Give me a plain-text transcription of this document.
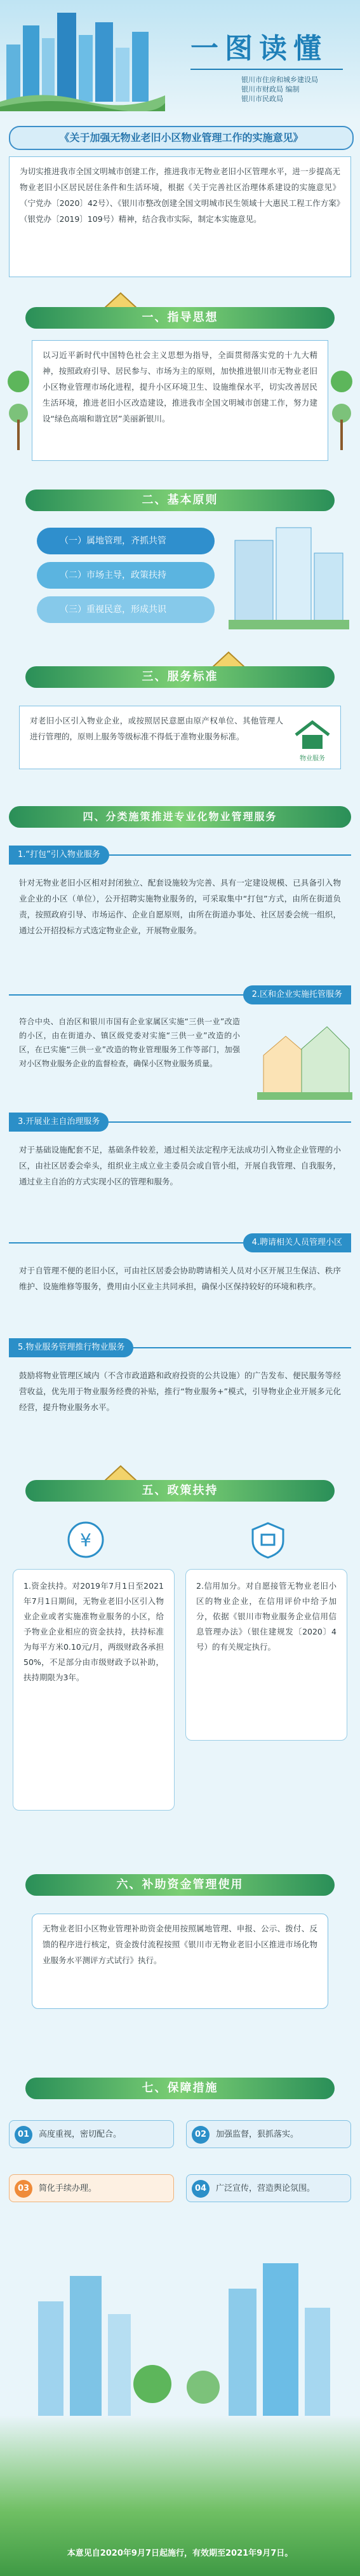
一图读懂
银川市住房和城乡建设局
银川市财政局 编制
银川市民政局
《关于加强无物业老旧小区物业管理工作的实施意见》
为切实推进我市全国文明城市创建工作，推进我市无物业老旧小区管理水平，进一步提高无物业老旧小区居民居住条件和生活环境，根据《关于完善社区治理体系建设的实施意见》（宁党办〔2020〕42号）、《银川市整改创建全国文明城市民生领域十大惠民工程工作方案》（银党办〔2019〕109号）精神，结合我市实际，制定本实施意见。
一、指导思想
以习近平新时代中国特色社会主义思想为指导，全面贯彻落实党的十九大精神，按照政府引导、居民参与、市场为主的原则，加快推进银川市无物业老旧小区物业管理市场化进程，提升小区环境卫生、设施维保水平，切实改善居民生活环境，推进老旧小区改造建设，推进我市全国文明城市创建工作，努力建设“绿色高端和谐宜居”美丽新银川。
二、基本原则
（一）属地管理，齐抓共管
（二）市场主导，政策扶持
（三）重视民意，形成共识
三、服务标准
对老旧小区引入物业企业，或按照居民意愿由原产权单位、其他管理人进行管理的，原则上服务等级标准不得低于准物业服务标准。
物业服务
四、分类施策推进专业化物业管理服务
1.“打包”引入物业服务
针对无物业老旧小区相对封闭独立、配套设施较为完善、具有一定建设规模、已具备引入物业企业的小区（单位），公开招聘实施物业服务的，可采取集中“打包”方式，由所在街道负责，按照政府引导、市场运作、企业自愿原则，由所在街道办事处、社区居委会统一组织，通过公开招投标方式选定物业企业，开展物业服务。
2.区和企业实施托管服务
符合中央、自治区和银川市国有企业家属区实施“三供一业”改造的小区，由在街道办、镇区级党委对实施“三供一业”改造的小区，在已实施“三供一业”改造的物业管理服务工作等部门，加强对小区物业服务企业的监督检查，确保小区物业服务质量。
3.开展业主自治理服务
对于基础设施配套不足，基础条件较差，通过相关法定程序无法成功引入物业企业管理的小区，由社区居委会牵头，组织业主成立业主委员会或自管小组，开展自我管理、自我服务，通过业主自治的方式实现小区的管理和服务。
4.聘请相关人员管理小区
对于自管理不便的老旧小区，可由社区居委会协助聘请相关人员对小区开展卫生保洁、秩序维护、设施维修等服务，费用由小区业主共同承担，确保小区保持较好的环境和秩序。
5.物业服务管理推行物业服务
鼓励将物业管理区域内（不含市政道路和政府投资的公共设施）的广告发布、便民服务等经营收益，优先用于物业服务经费的补贴，推行“物业服务+”模式，引导物业企业开展多元化经营，提升物业服务水平。
五、政策扶持
¥
1.资金扶持。对2019年7月1日至2021年7月1日期间，无物业老旧小区引入物业企业或者实施准物业服务的小区，给予物业企业相应的资金扶持，扶持标准为每平方米0.10元/月，两级财政各承担50%，不足部分由市级财政予以补助，扶持期限为3年。
2.信用加分。对自愿接管无物业老旧小区的物业企业，在信用评价中给予加分，依据《银川市物业服务企业信用信息管理办法》（银住建规发〔2020〕4号）的有关规定执行。
六、补助资金管理使用
无物业老旧小区物业管理补助资金使用按照属地管理、申报、公示、拨付、反馈的程序进行核定，资金拨付流程按照《银川市无物业老旧小区推进市场化物业服务水平测评方式试行》执行。
七、保障措施
01	高度重视，密切配合。	02	加强监督，狠抓落实。
03	简化手续办理。	04	广泛宣传，营造舆论氛围。
本意见自2020年9月7日起施行，有效期至2021年9月7日。
